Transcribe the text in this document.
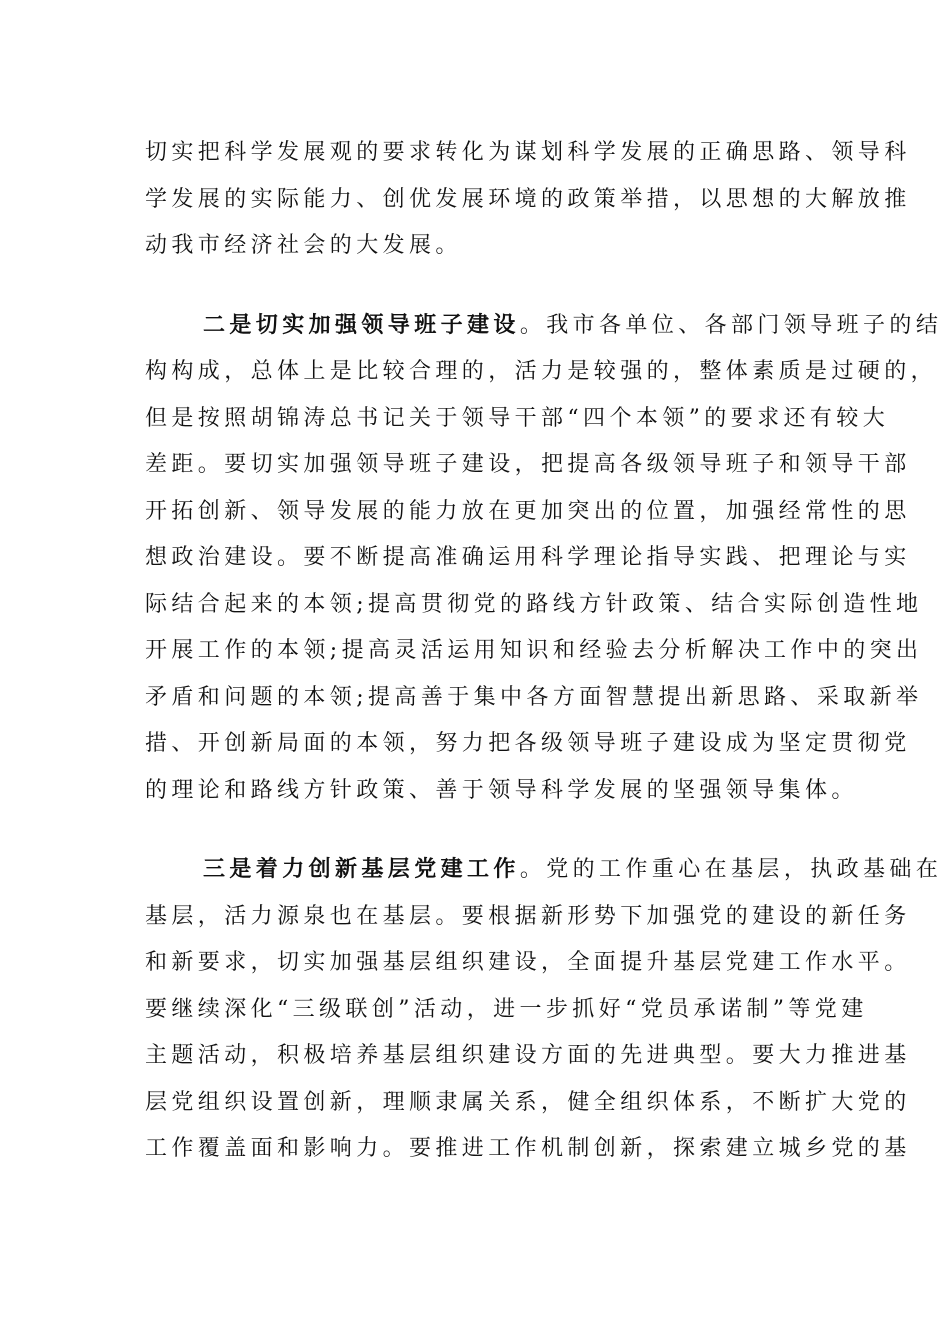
切实把科学发展观的要求转化为谋划科学发展的正确思路、领导科
学发展的实际能力、创优发展环境的政策举措，以思想的大解放推
动我市经济社会的大发展。
二是切实加强领导班子建设。我市各单位、各部门领导班子的结
构构成，总体上是比较合理的，活力是较强的，整体素质是过硬的，
但是按照胡锦涛总书记关于领导干部“四个本领”的要求还有较大
差距。要切实加强领导班子建设，把提高各级领导班子和领导干部
开拓创新、领导发展的能力放在更加突出的位置，加强经常性的思
想政治建设。要不断提高准确运用科学理论指导实践、把理论与实
际结合起来的本领;提高贯彻党的路线方针政策、结合实际创造性地
开展工作的本领;提高灵活运用知识和经验去分析解决工作中的突出
矛盾和问题的本领;提高善于集中各方面智慧提出新思路、采取新举
措、开创新局面的本领，努力把各级领导班子建设成为坚定贯彻党
的理论和路线方针政策、善于领导科学发展的坚强领导集体。
三是着力创新基层党建工作。党的工作重心在基层，执政基础在
基层，活力源泉也在基层。要根据新形势下加强党的建设的新任务
和新要求，切实加强基层组织建设，全面提升基层党建工作水平。
要继续深化“三级联创”活动，进一步抓好“党员承诺制”等党建
主题活动，积极培养基层组织建设方面的先进典型。要大力推进基
层党组织设置创新，理顺隶属关系，健全组织体系，不断扩大党的
工作覆盖面和影响力。要推进工作机制创新，探索建立城乡党的基
